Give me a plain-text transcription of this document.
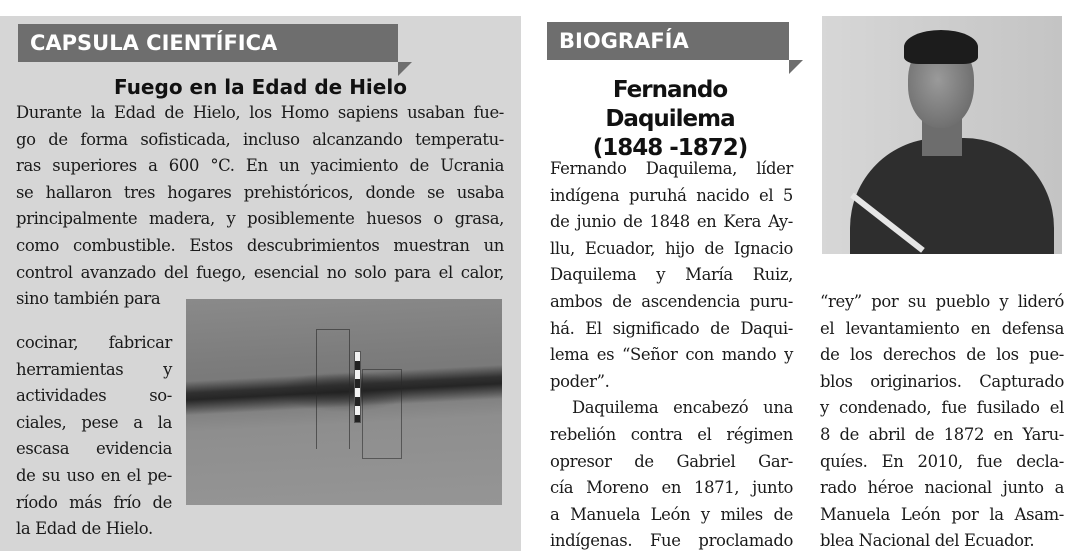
CAPSULA CIENTÍFICA
Fuego en la Edad de Hielo
Durante la Edad de Hielo, los Homo sapiens usaban fue-
go de forma sofisticada, incluso alcanzando temperatu-
ras superiores a 600 °C. En un yacimiento de Ucrania
se hallaron tres hogares prehistóricos, donde se usaba
principalmente madera, y posiblemente huesos o grasa,
como combustible. Estos descubrimientos muestran un
control avanzado del fuego, esencial no solo para el calor,
sino también para
cocinar, fabricar
herramientas y
actividades so-
ciales, pese a la
escasa evidencia
de su uso en el pe-
ríodo más frío de
la Edad de Hielo.
BIOGRAFÍA
Fernando Daquilema
(1848 -1872)
Fernando Daquilema, líder
indígena puruhá nacido el 5
de junio de 1848 en Kera Ay-
llu, Ecuador, hijo de Ignacio
Daquilema y María Ruiz,
ambos de ascendencia puru-
há. El significado de Daqui-
lema es “Señor con mando y
poder”.
Daquilema encabezó una
rebelión contra el régimen
opresor de Gabriel Gar-
cía Moreno en 1871, junto
a Manuela León y miles de
indígenas. Fue proclamado
“rey” por su pueblo y lideró
el levantamiento en defensa
de los derechos de los pue-
blos originarios. Capturado
y condenado, fue fusilado el
8 de abril de 1872 en Yaru-
quíes. En 2010, fue decla-
rado héroe nacional junto a
Manuela León por la Asam-
blea Nacional del Ecuador.
